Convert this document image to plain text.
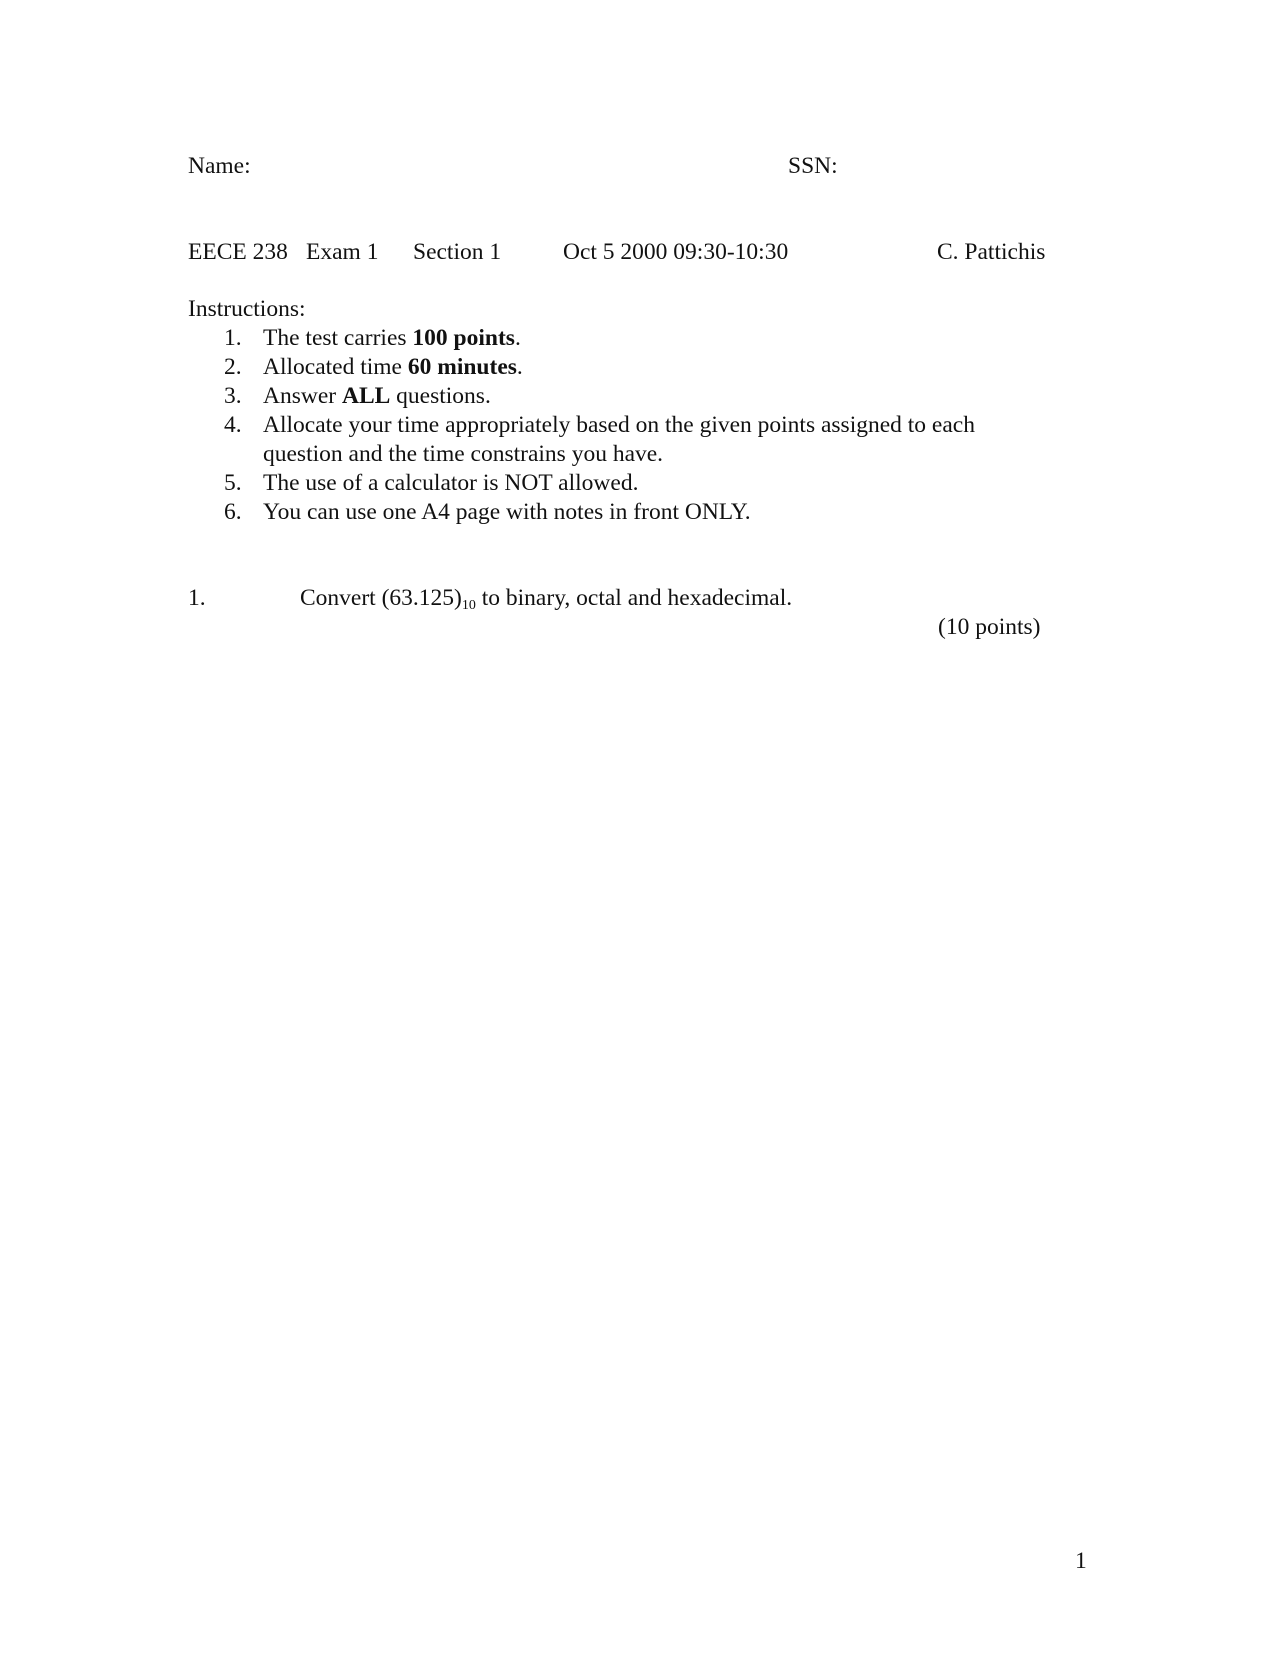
Name:	SSN:
EECE 238 Exam 1 Section 1	Oct 5 2000 09:30-10:30	C. Pattichis
Instructions:
1. The test carries 100 points.
2. Allocated time 60 minutes.
3. Answer ALL questions.
4. Allocate your time appropriately based on the given points assigned to each
question and the time constrains you have.
5. The use of a calculator is NOT allowed.
6. You can use one A4 page with notes in front ONLY.
1.	Convert $(63.125)_{10}$ to binary, octal and hexadecimal.
(10 points)
1
